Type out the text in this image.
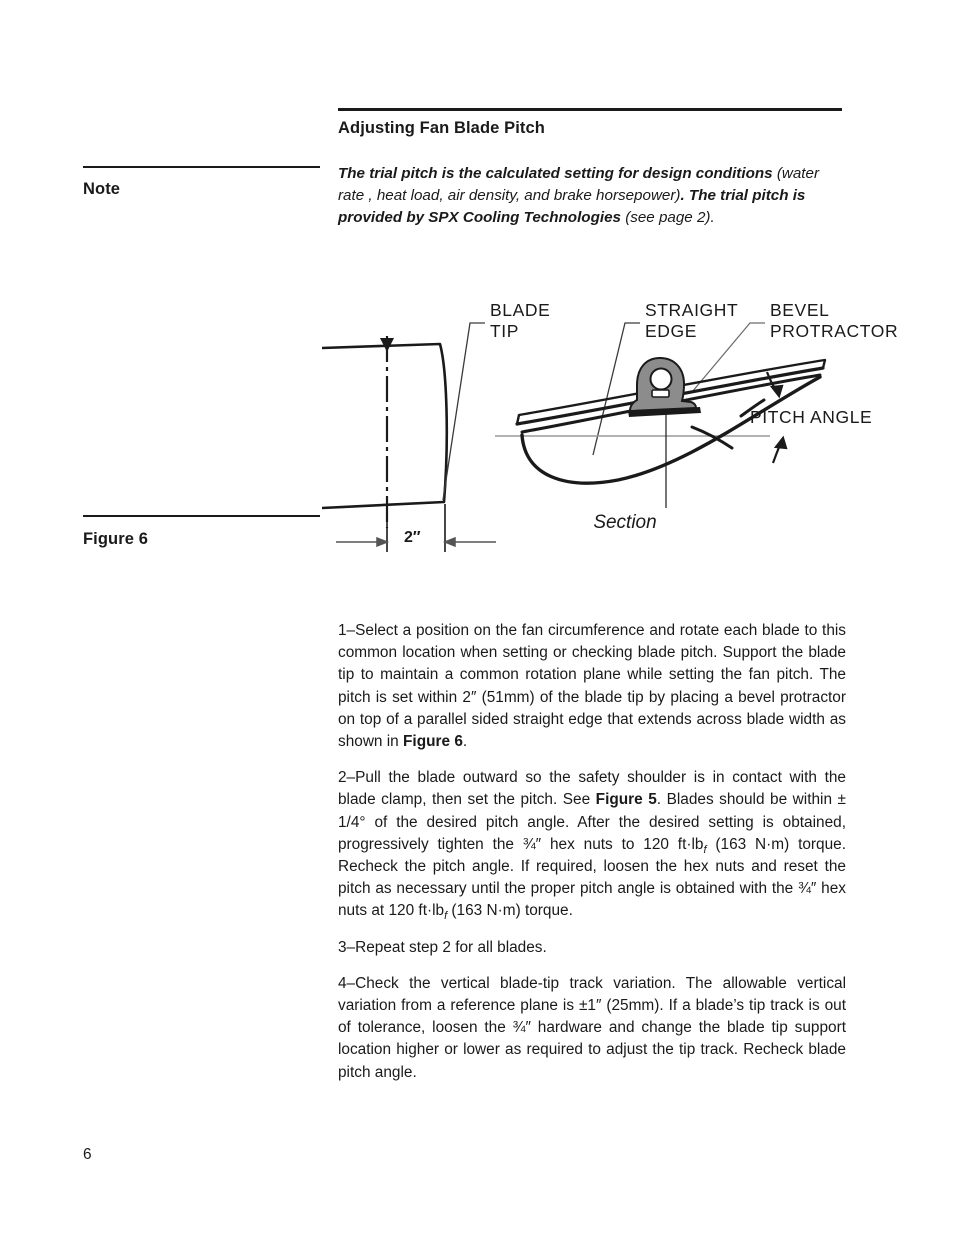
Adjusting Fan Blade Pitch
Note
The trial pitch is the calculated setting for design conditions (water rate , heat load, air density, and brake horsepower). The trial pitch is provided by SPX Cooling Technologies (see page 2).
Figure 6
BLADE
TIP
STRAIGHT
EDGE
BEVEL
PROTRACTOR
PITCH ANGLE
Section
2″

1–Select a position on the fan circumference and rotate each blade to this common location when setting or checking blade pitch. Support the blade tip to maintain a common rotation plane while setting the fan pitch. The pitch is set within 2″ (51mm) of the blade tip by placing a bevel protractor on top of a parallel sided straight edge that extends across blade width as shown in Figure 6.

2–Pull the blade outward so the safety shoulder is in contact with the blade clamp, then set the pitch. See Figure 5. Blades should be within ± 1/4° of the desired pitch angle. After the desired setting is obtained, progressively tighten the ¾″ hex nuts to 120 $ft\cdot lb_f$ (163 N·m) torque. Recheck the pitch angle. If required, loosen the hex nuts and reset the pitch as necessary until the proper pitch angle is obtained with the ¾″ hex nuts at 120 $ft\cdot lb_f$ (163 N·m) torque.

3–Repeat step 2 for all blades.

4–Check the vertical blade-tip track variation. The allowable vertical variation from a reference plane is ±1″ (25mm). If a blade’s tip track is out of tolerance, loosen the ¾″ hardware and change the blade tip support location higher or lower as required to adjust the tip track. Recheck blade pitch angle.

6
